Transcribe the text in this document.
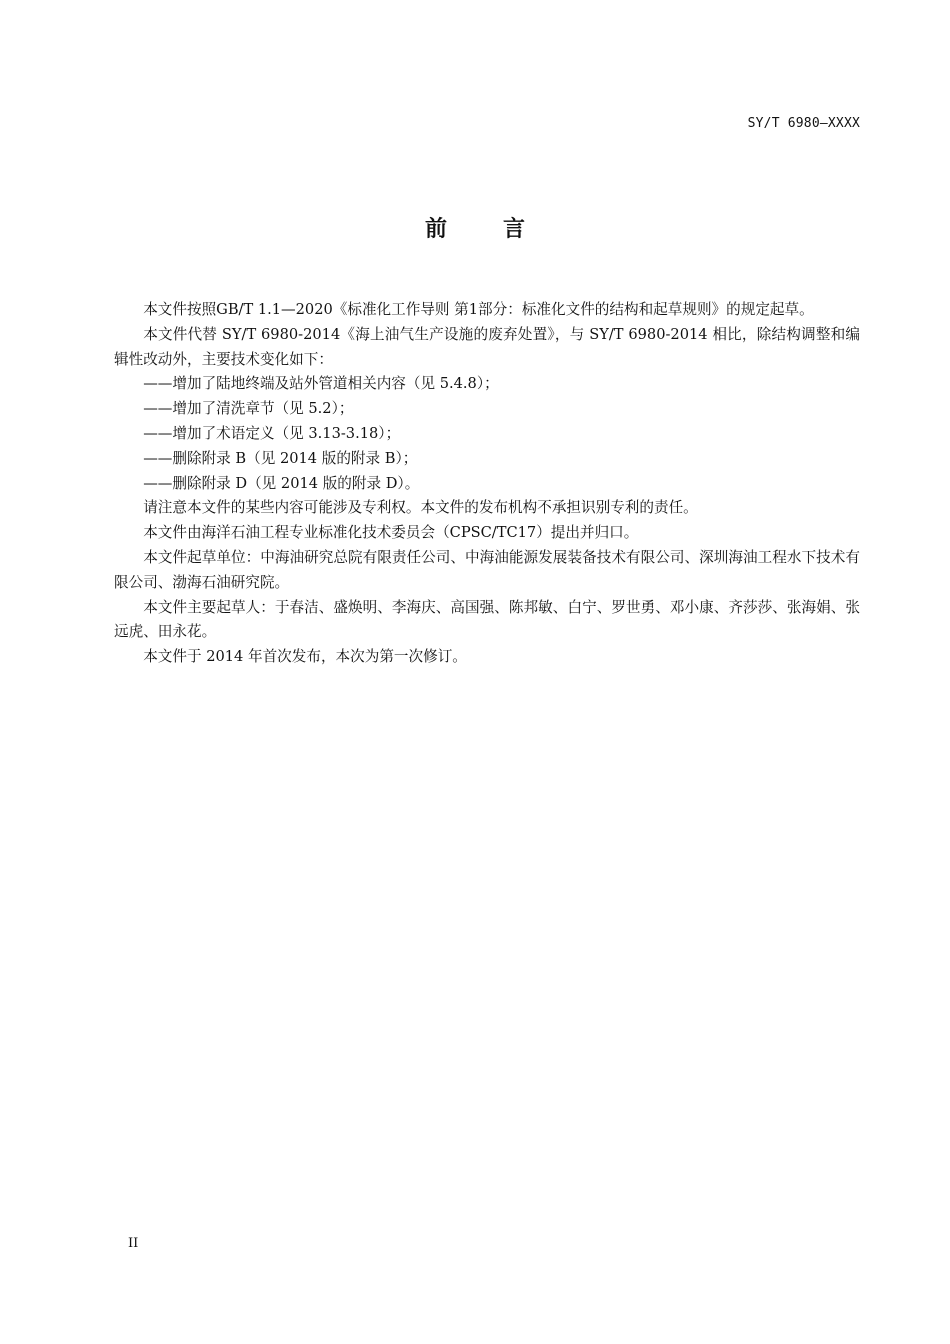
SY/T 6980—XXXX
前	言

本文件按照GB/T 1.1—2020《标准化工作导则 第1部分：标准化文件的结构和起草规则》的规定起草。

本文件代替 SY/T 6980-2014《海上油气生产设施的废弃处置》，与 SY/T 6980-2014 相比，除结构调整和编辑性改动外，主要技术变化如下：

——增加了陆地终端及站外管道相关内容（见 5.4.8）；

——增加了清洗章节（见 5.2）；

——增加了术语定义（见 3.13-3.18）；

——删除附录 B（见 2014 版的附录 B）；

——删除附录 D（见 2014 版的附录 D）。

请注意本文件的某些内容可能涉及专利权。本文件的发布机构不承担识别专利的责任。

本文件由海洋石油工程专业标准化技术委员会（CPSC/TC17）提出并归口。

本文件起草单位：中海油研究总院有限责任公司、中海油能源发展装备技术有限公司、深圳海油工程水下技术有限公司、渤海石油研究院。

本文件主要起草人：于春洁、盛焕明、李海庆、高国强、陈邦敏、白宁、罗世勇、邓小康、齐莎莎、张海娟、张远虎、田永花。

本文件于 2014 年首次发布，本次为第一次修订。

II
